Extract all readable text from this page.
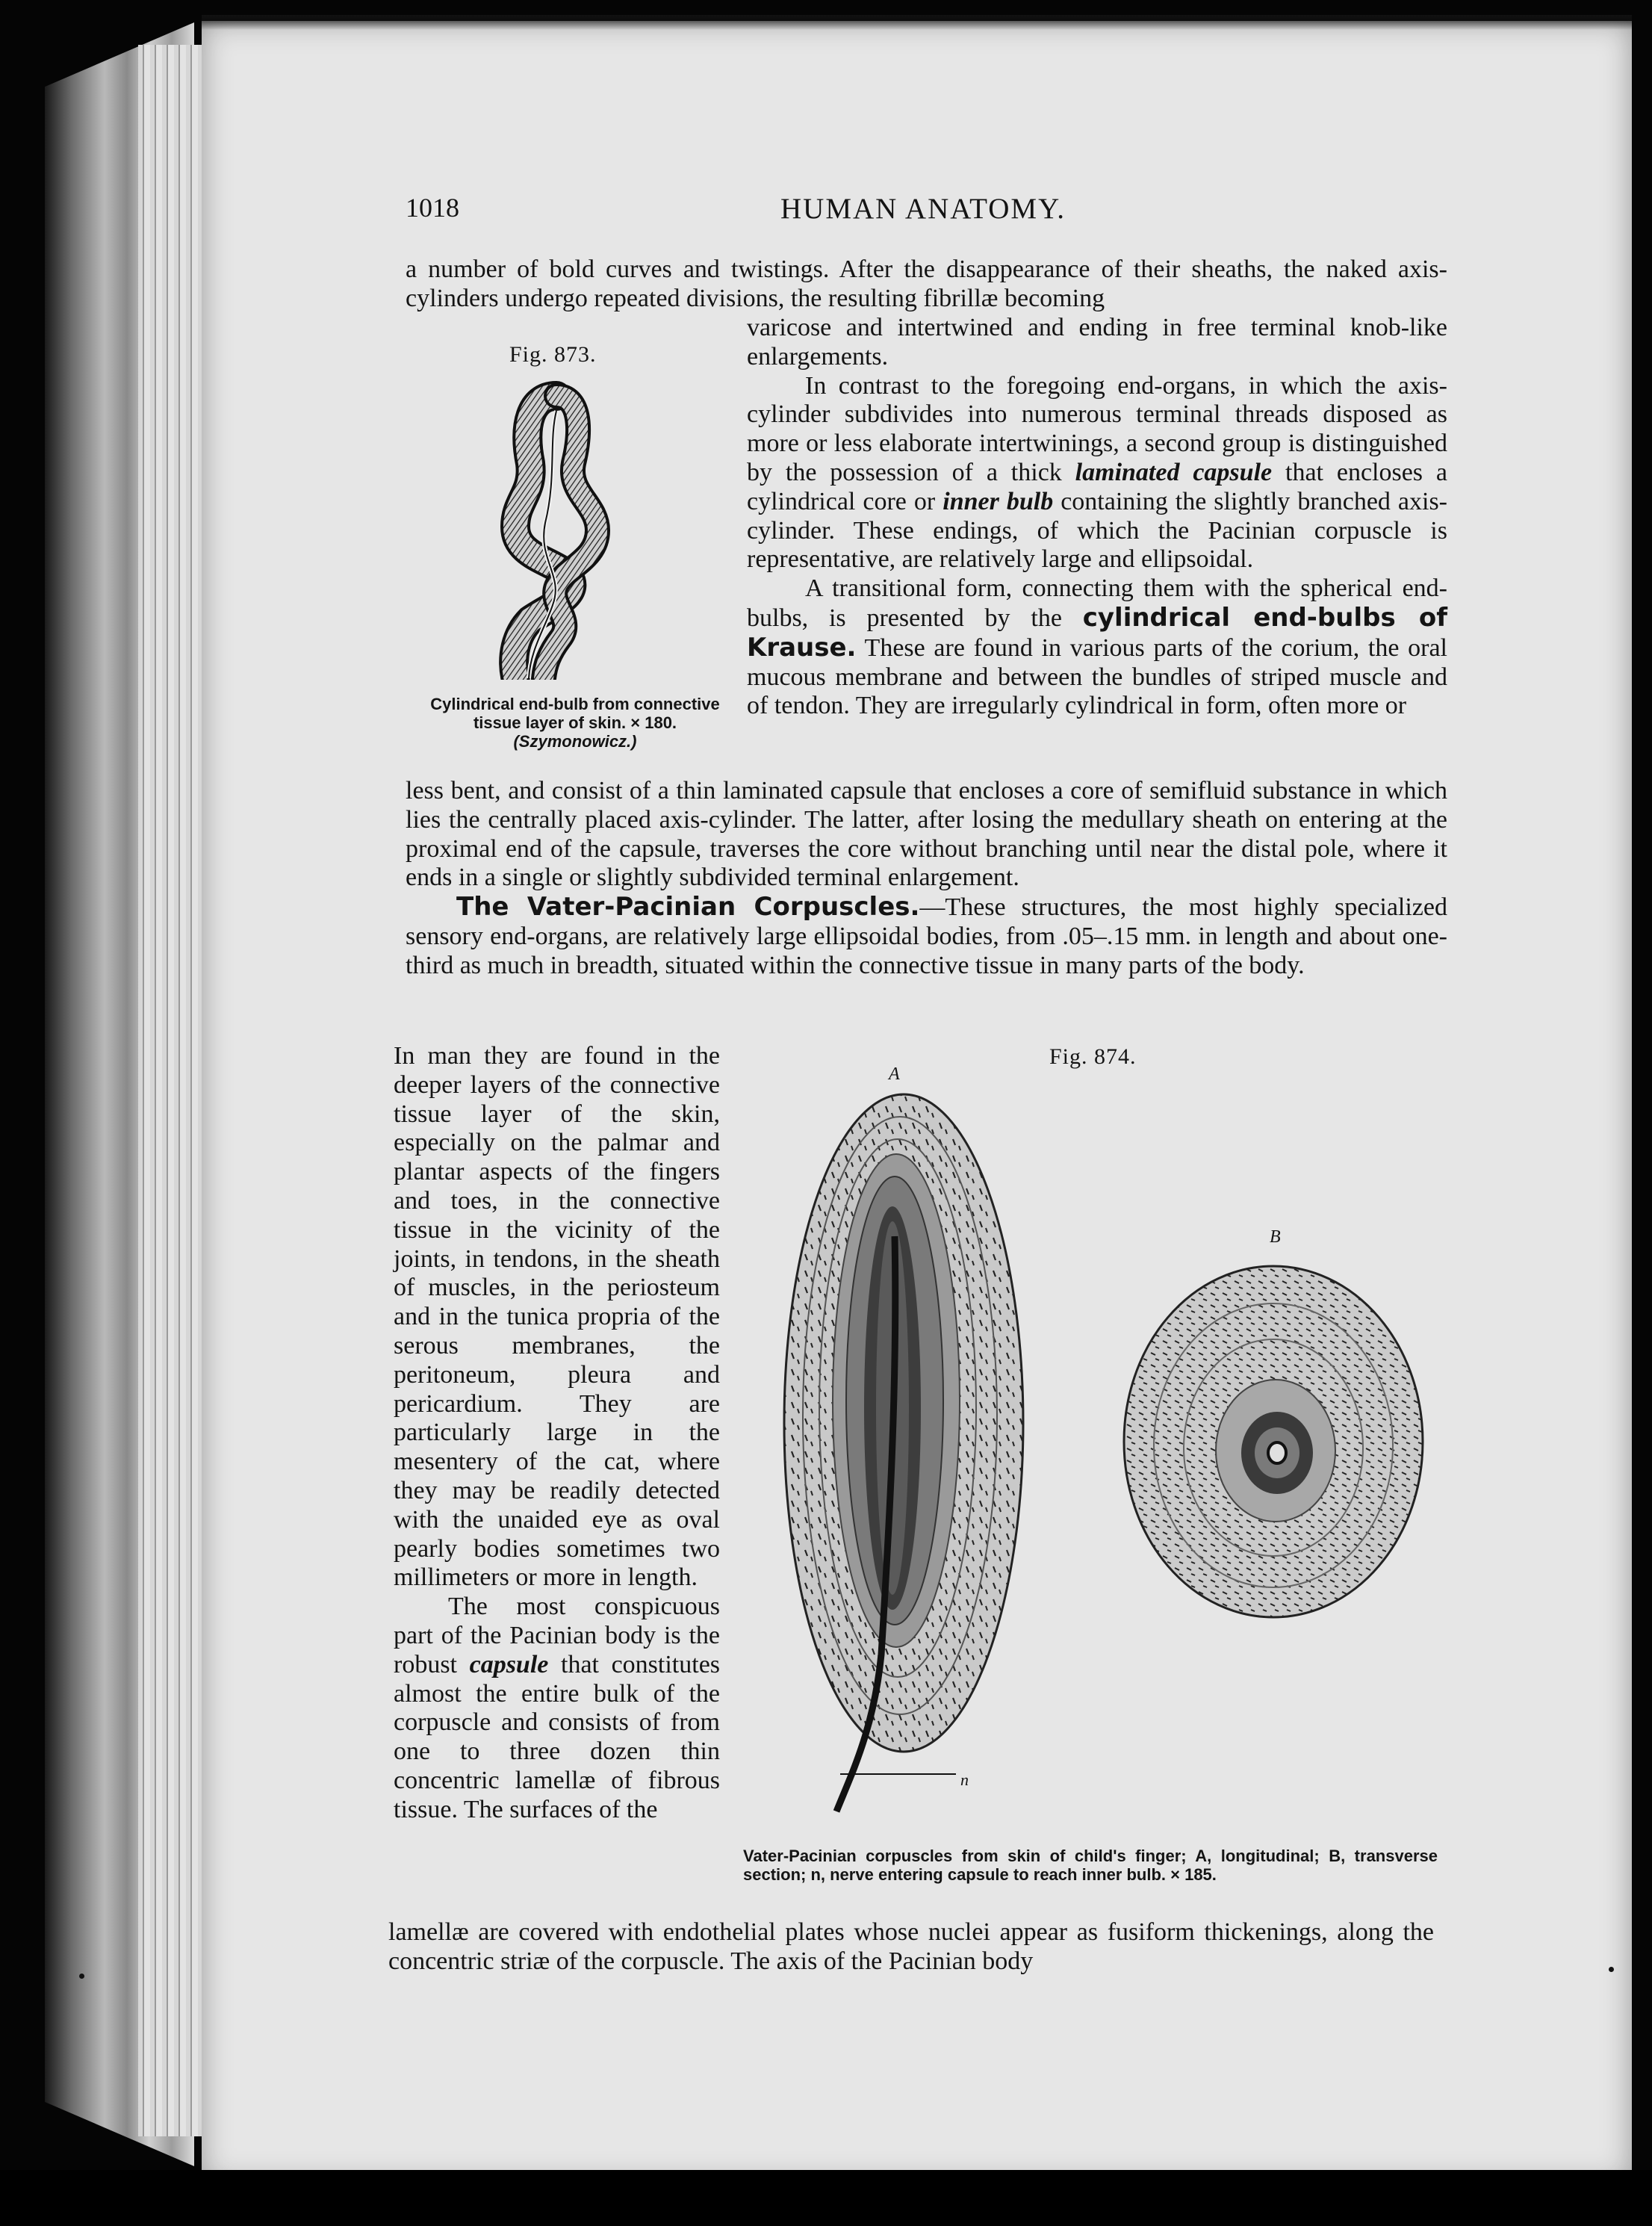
1018	HUMAN ANATOMY.

a number of bold curves and twistings. After the disappearance of their sheaths, the naked axis-cylinders undergo repeated divisions, the resulting fibrillæ becoming

Fig. 873.
Cylindrical end-bulb from connective tissue layer of skin. × 180.
(Szymonowicz.)

varicose and intertwined and ending in free terminal knob-like enlargements.

In contrast to the foregoing end-organs, in which the axis-cylinder subdivides into numerous terminal threads disposed as more or less elaborate intertwinings, a second group is distinguished by the possession of a thick laminated capsule that encloses a cylindrical core or inner bulb containing the slightly branched axis-cylinder. These endings, of which the Pacinian corpuscle is representative, are relatively large and ellipsoidal.

A transitional form, connecting them with the spherical end-bulbs, is presented by the cylindrical end-bulbs of Krause. These are found in various parts of the corium, the oral mucous membrane and between the bundles of striped muscle and of tendon. They are irregularly cylindrical in form, often more or

less bent, and consist of a thin laminated capsule that encloses a core of semifluid substance in which lies the centrally placed axis-cylinder. The latter, after losing the medullary sheath on entering at the proximal end of the capsule, traverses the core without branching until near the distal pole, where it ends in a single or slightly subdivided terminal enlargement.

The Vater-Pacinian Corpuscles.—These structures, the most highly specialized sensory end-organs, are relatively large ellipsoidal bodies, from .05–.15 mm. in length and about one-third as much in breadth, situated within the connective tissue in many parts of the body.

In man they are found in the deeper layers of the connective tissue layer of the skin, especially on the palmar and plantar aspects of the fingers and toes, in the connective tissue in the vicinity of the joints, in tendons, in the sheath of muscles, in the periosteum and in the tunica propria of the serous membranes, the peritoneum, pleura and pericardium. They are particularly large in the mesentery of the cat, where they may be readily detected with the unaided eye as oval pearly bodies sometimes two millimeters or more in length.

The most conspicuous part of the Pacinian body is the robust capsule that constitutes almost the entire bulk of the corpuscle and consists of from one to three dozen thin concentric lamellæ of fibrous tissue. The surfaces of the

Fig. 874.
A
B
n
Vater-Pacinian corpuscles from skin of child's finger; A, longitudinal; B, transverse section; n, nerve entering capsule to reach inner bulb. × 185.

lamellæ are covered with endothelial plates whose nuclei appear as fusiform thickenings, along the concentric striæ of the corpuscle. The axis of the Pacinian body
